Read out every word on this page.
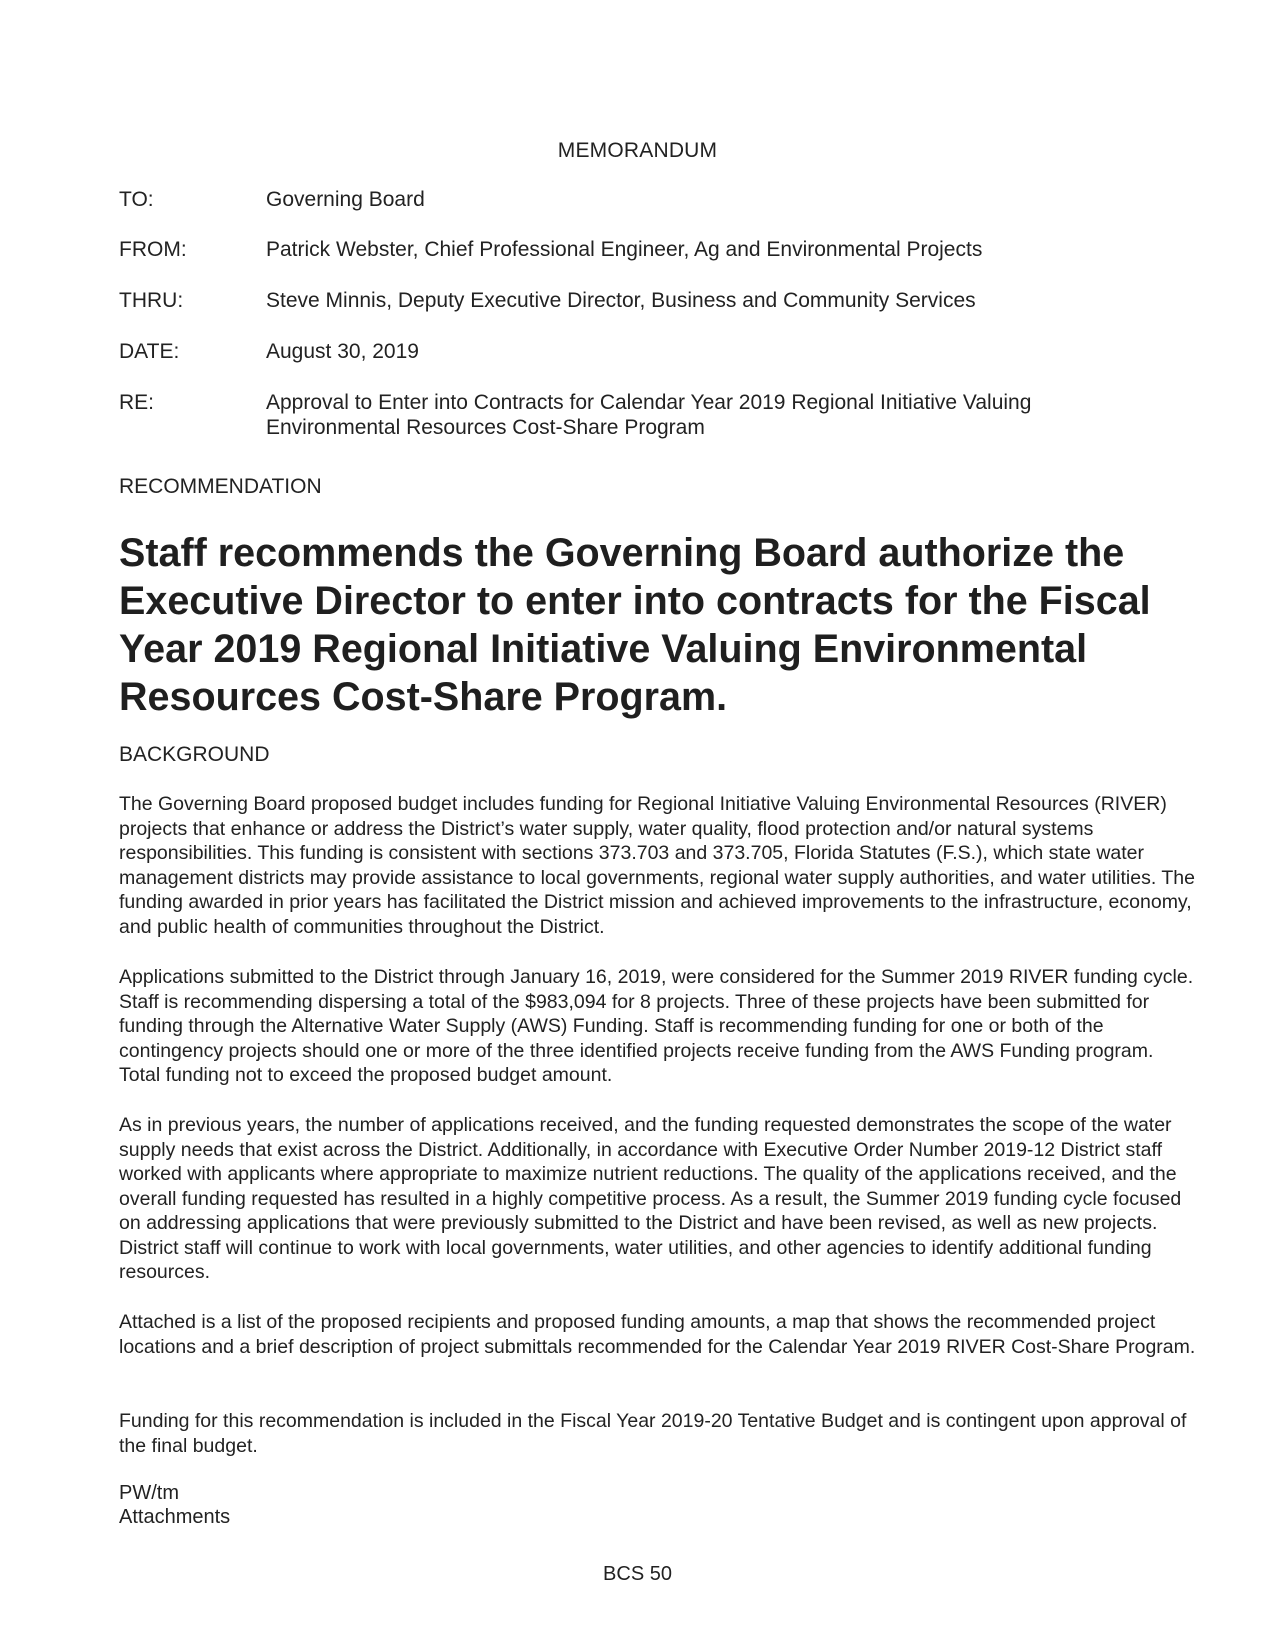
MEMORANDUM
TO:	Governing Board
FROM:	Patrick Webster, Chief Professional Engineer, Ag and Environmental Projects
THRU:	Steve Minnis, Deputy Executive Director, Business and Community Services
DATE:	August 30, 2019
RE:	Approval to Enter into Contracts for Calendar Year 2019 Regional Initiative Valuing Environmental Resources Cost-Share Program
RECOMMENDATION
Staff recommends the Governing Board authorize the Executive Director to enter into contracts for the Fiscal Year 2019 Regional Initiative Valuing Environmental Resources Cost-Share Program.
BACKGROUND
The Governing Board proposed budget includes funding for Regional Initiative Valuing Environmental Resources (RIVER) projects that enhance or address the District’s water supply, water quality, flood protection and/or natural systems responsibilities. This funding is consistent with sections 373.703 and 373.705, Florida Statutes (F.S.), which state water management districts may provide assistance to local governments, regional water supply authorities, and water utilities. The funding awarded in prior years has facilitated the District mission and achieved improvements to the infrastructure, economy, and public health of communities throughout the District.
Applications submitted to the District through January 16, 2019, were considered for the Summer 2019 RIVER funding cycle. Staff is recommending dispersing a total of the $983,094 for 8 projects. Three of these projects have been submitted for funding through the Alternative Water Supply (AWS) Funding. Staff is recommending funding for one or both of the contingency projects should one or more of the three identified projects receive funding from the AWS Funding program. Total funding not to exceed the proposed budget amount.
As in previous years, the number of applications received, and the funding requested demonstrates the scope of the water supply needs that exist across the District. Additionally, in accordance with Executive Order Number 2019-12 District staff worked with applicants where appropriate to maximize nutrient reductions. The quality of the applications received, and the overall funding requested has resulted in a highly competitive process. As a result, the Summer 2019 funding cycle focused on addressing applications that were previously submitted to the District and have been revised, as well as new projects. District staff will continue to work with local governments, water utilities, and other agencies to identify additional funding resources.
Attached is a list of the proposed recipients and proposed funding amounts, a map that shows the recommended project locations and a brief description of project submittals recommended for the Calendar Year 2019 RIVER Cost-Share Program.
Funding for this recommendation is included in the Fiscal Year 2019-20 Tentative Budget and is contingent upon approval of the final budget.
PW/tm
Attachments
BCS 50
